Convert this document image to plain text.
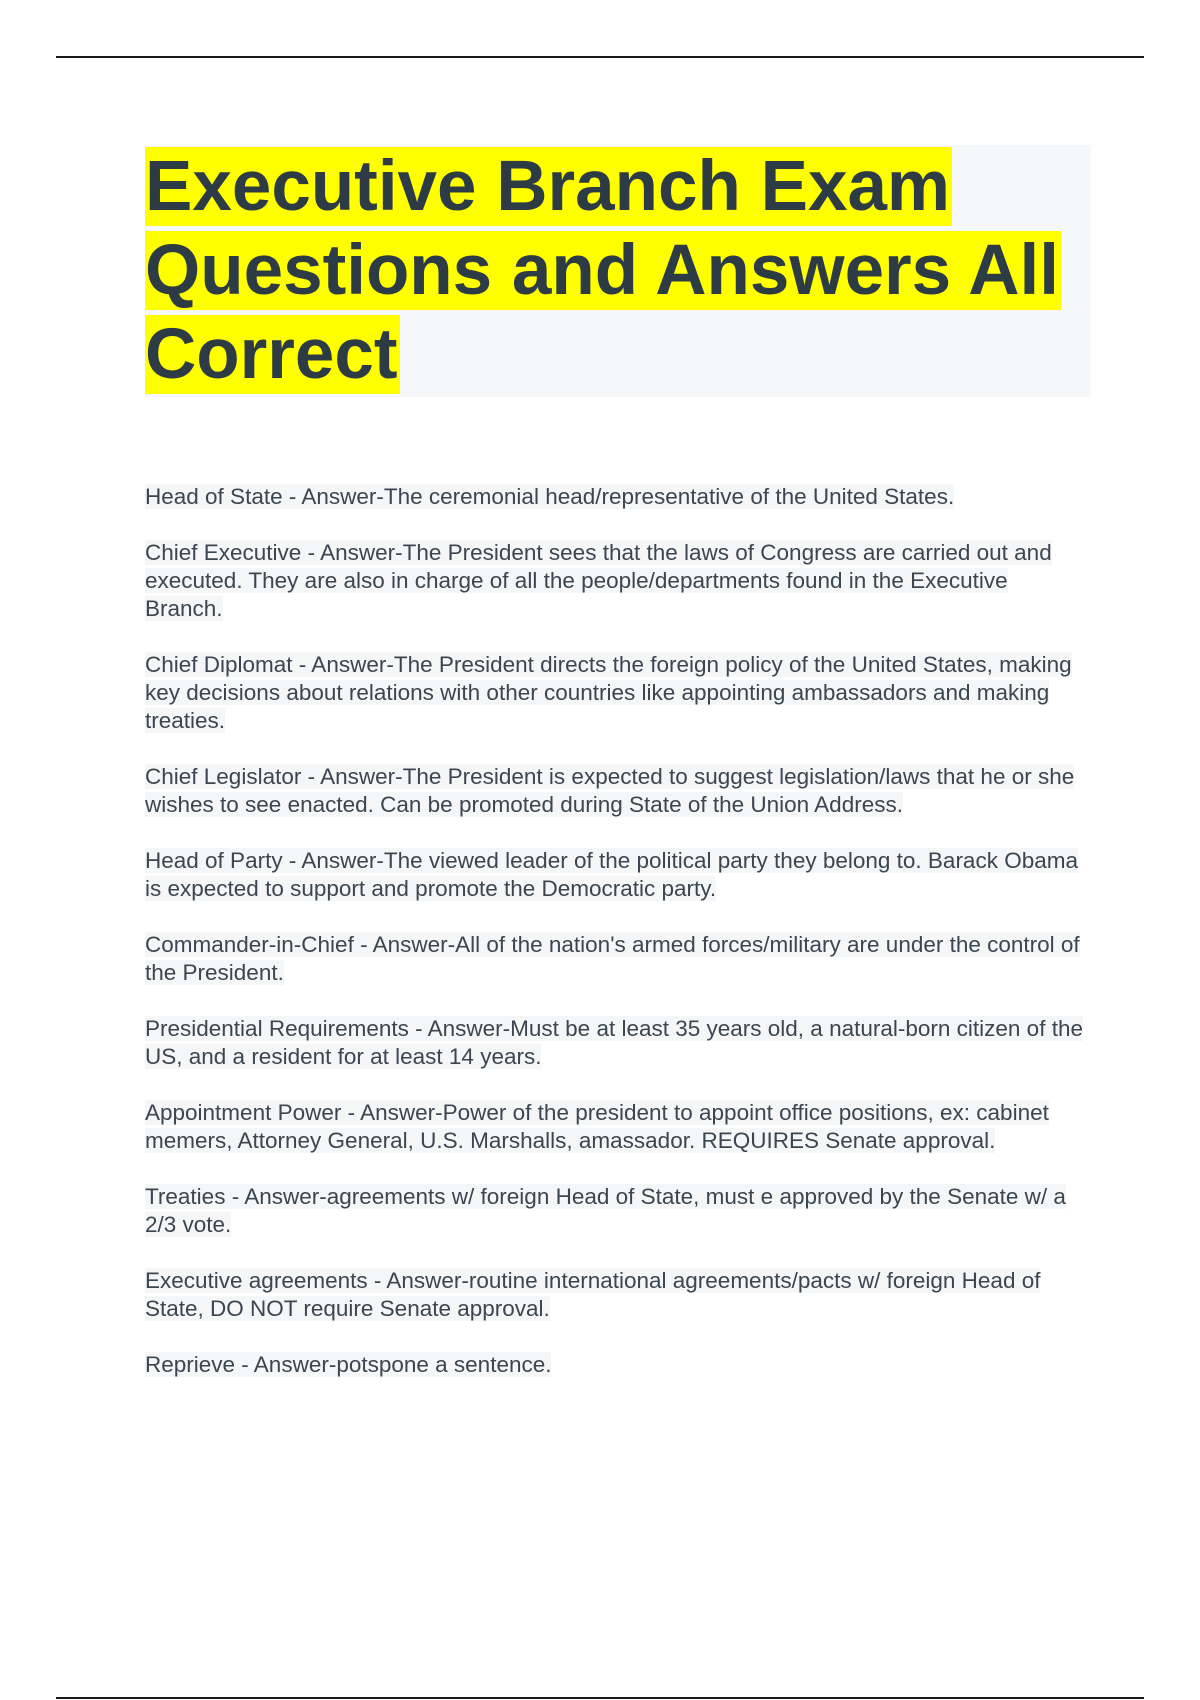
Executive Branch Exam Questions and Answers All Correct
Head of State - Answer-The ceremonial head/representative of the United States.
Chief Executive - Answer-The President sees that the laws of Congress are carried out and executed. They are also in charge of all the people/departments found in the Executive Branch.
Chief Diplomat - Answer-The President directs the foreign policy of the United States, making key decisions about relations with other countries like appointing ambassadors and making treaties.
Chief Legislator - Answer-The President is expected to suggest legislation/laws that he or she wishes to see enacted. Can be promoted during State of the Union Address.
Head of Party - Answer-The viewed leader of the political party they belong to. Barack Obama is expected to support and promote the Democratic party.
Commander-in-Chief - Answer-All of the nation's armed forces/military are under the control of the President.
Presidential Requirements - Answer-Must be at least 35 years old, a natural-born citizen of the US, and a resident for at least 14 years.
Appointment Power - Answer-Power of the president to appoint office positions, ex: cabinet memers, Attorney General, U.S. Marshalls, amassador. REQUIRES Senate approval.
Treaties - Answer-agreements w/ foreign Head of State, must e approved by the Senate w/ a 2/3 vote.
Executive agreements - Answer-routine international agreements/pacts w/ foreign Head of State, DO NOT require Senate approval.
Reprieve - Answer-potspone a sentence.
